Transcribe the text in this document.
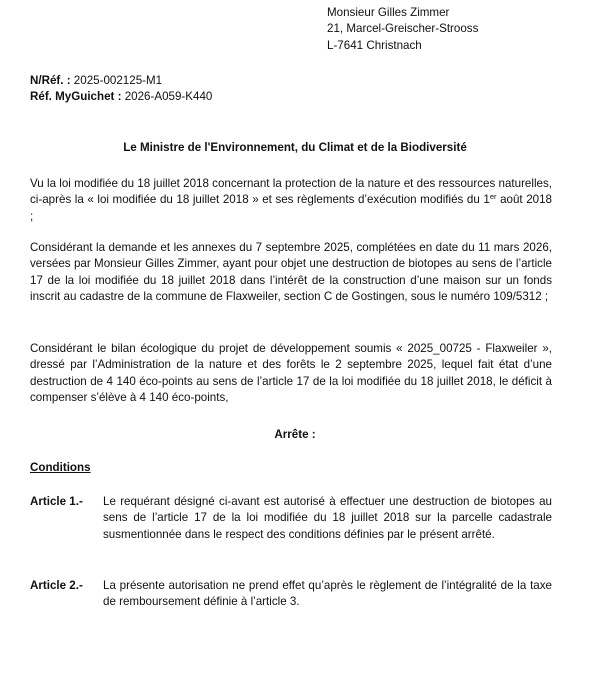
Monsieur Gilles Zimmer
21, Marcel-Greischer-Strooss
L-7641 Christnach
N/Réf. : 2025-002125-M1
Réf. MyGuichet : 2026-A059-K440
Le Ministre de l'Environnement, du Climat et de la Biodiversité
Vu la loi modifiée du 18 juillet 2018 concernant la protection de la nature et des ressources naturelles, ci-après la « loi modifiée du 18 juillet 2018 » et ses règlements d’exécution modifiés du 1er août 2018 ;
Considérant la demande et les annexes du 7 septembre 2025, complétées en date du 11 mars 2026, versées par Monsieur Gilles Zimmer, ayant pour objet une destruction de biotopes au sens de l’article 17 de la loi modifiée du 18 juillet 2018 dans l’intérêt de la construction d’une maison sur un fonds inscrit au cadastre de la commune de Flaxweiler, section C de Gostingen, sous le numéro 109/5312 ;
Considérant le bilan écologique du projet de développement soumis « 2025_00725 - Flaxweiler », dressé par l’Administration de la nature et des forêts le 2 septembre 2025, lequel fait état d’une destruction de 4 140 éco-points au sens de l’article 17 de la loi modifiée du 18 juillet 2018, le déficit à compenser s’élève à 4 140 éco-points,
Arrête :
Conditions
Article 1.- Le requérant désigné ci-avant est autorisé à effectuer une destruction de biotopes au sens de l’article 17 de la loi modifiée du 18 juillet 2018 sur la parcelle cadastrale susmentionnée dans le respect des conditions définies par le présent arrêté.
Article 2.- La présente autorisation ne prend effet qu’après le règlement de l’intégralité de la taxe de remboursement définie à l’article 3.
